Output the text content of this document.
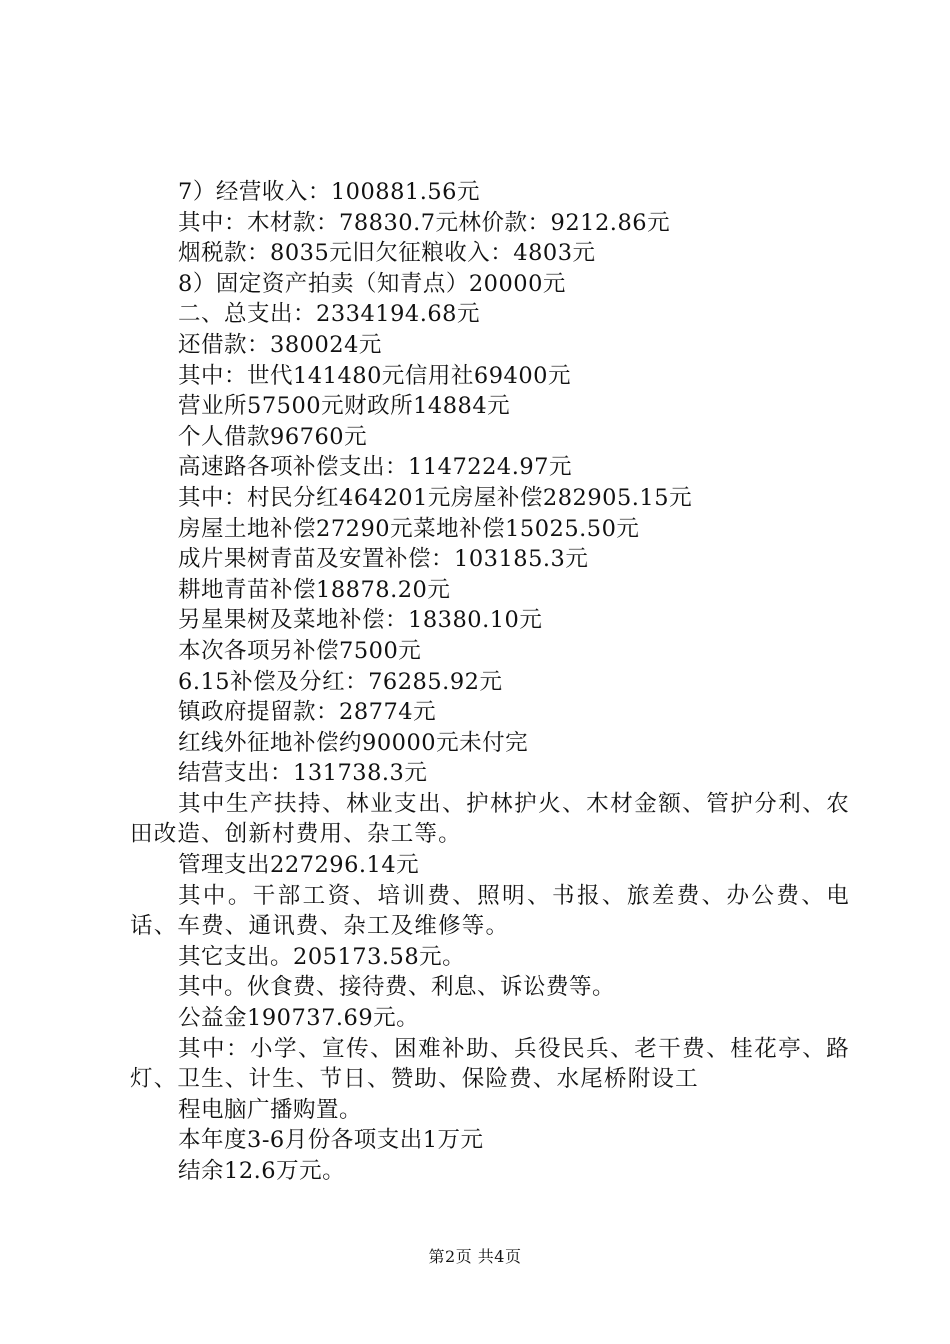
7）经营收入：100881.56元

其中：木材款：78830.7元林价款：9212.86元

烟税款：8035元旧欠征粮收入：4803元

8）固定资产拍卖（知青点）20000元

二、总支出：2334194.68元

还借款：380024元

其中：世代141480元信用社69400元

营业所57500元财政所14884元

个人借款96760元

高速路各项补偿支出：1147224.97元

其中：村民分红464201元房屋补偿282905.15元

房屋土地补偿27290元菜地补偿15025.50元

成片果树青苗及安置补偿：103185.3元

耕地青苗补偿18878.20元

另星果树及菜地补偿：18380.10元

本次各项另补偿7500元

6.15补偿及分红：76285.92元

镇政府提留款：28774元

红线外征地补偿约90000元未付完

结营支出：131738.3元

其中生产扶持、林业支出、护林护火、木材金额、管护分利、农田改造、创新村费用、杂工等。

管理支出227296.14元

其中。干部工资、培训费、照明、书报、旅差费、办公费、电话、车费、通讯费、杂工及维修等。

其它支出。205173.58元。

其中。伙食费、接待费、利息、诉讼费等。

公益金190737.69元。

其中：小学、宣传、困难补助、兵役民兵、老干费、桂花亭、路灯、卫生、计生、节日、赞助、保险费、水尾桥附设工

程电脑广播购置。

本年度3-6月份各项支出1万元

结余12.6万元。

第2页 共4页
